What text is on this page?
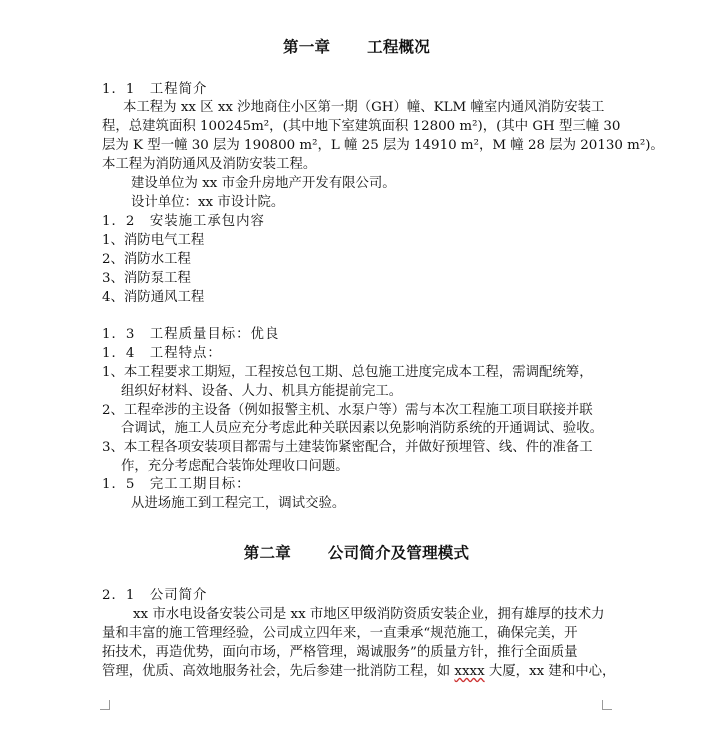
第一章　　 工程概况
1．1　工程简介
本工程为 xx 区 xx 沙地商住小区第一期（GH）幢、KLM 幢室内通风消防安装工
程，总建筑面积 100245m²，(其中地下室建筑面积 12800 m²)，(其中 GH 型三幢 30
层为 K 型一幢 30 层为 190800 m²，L 幢 25 层为 14910 m²，M 幢 28 层为 20130 m²)。
本工程为消防通风及消防安装工程。
建设单位为 xx 市金升房地产开发有限公司。
设计单位：xx 市设计院。
1．2　安装施工承包内容
1、消防电气工程
2、消防水工程
3、消防泵工程
4、消防通风工程
1．3　工程质量目标：优良
1．4　工程特点：
1、本工程要求工期短，工程按总包工期、总包施工进度完成本工程，需调配统筹，
组织好材料、设备、人力、机具方能提前完工。
2、工程牵涉的主设备（例如报警主机、水泵户等）需与本次工程施工项目联接并联
合调试，施工人员应充分考虑此种关联因素以免影响消防系统的开通调试、验收。
3、本工程各项安装项目都需与土建装饰紧密配合，并做好预埋管、线、件的准备工
作，充分考虑配合装饰处理收口问题。
1．5　完工工期目标：
从进场施工到工程完工，调试交验。
第二章　　 公司简介及管理模式
2．1　公司简介
xx 市水电设备安装公司是 xx 市地区甲级消防资质安装企业，拥有雄厚的技术力
量和丰富的施工管理经验，公司成立四年来，一直秉承“规范施工，确保完美，开
拓技术，再造优势，面向市场，严格管理，竭诚服务”的质量方针，推行全面质量
管理，优质、高效地服务社会，先后参建一批消防工程，如 xxxx 大厦，xx 建和中心，
